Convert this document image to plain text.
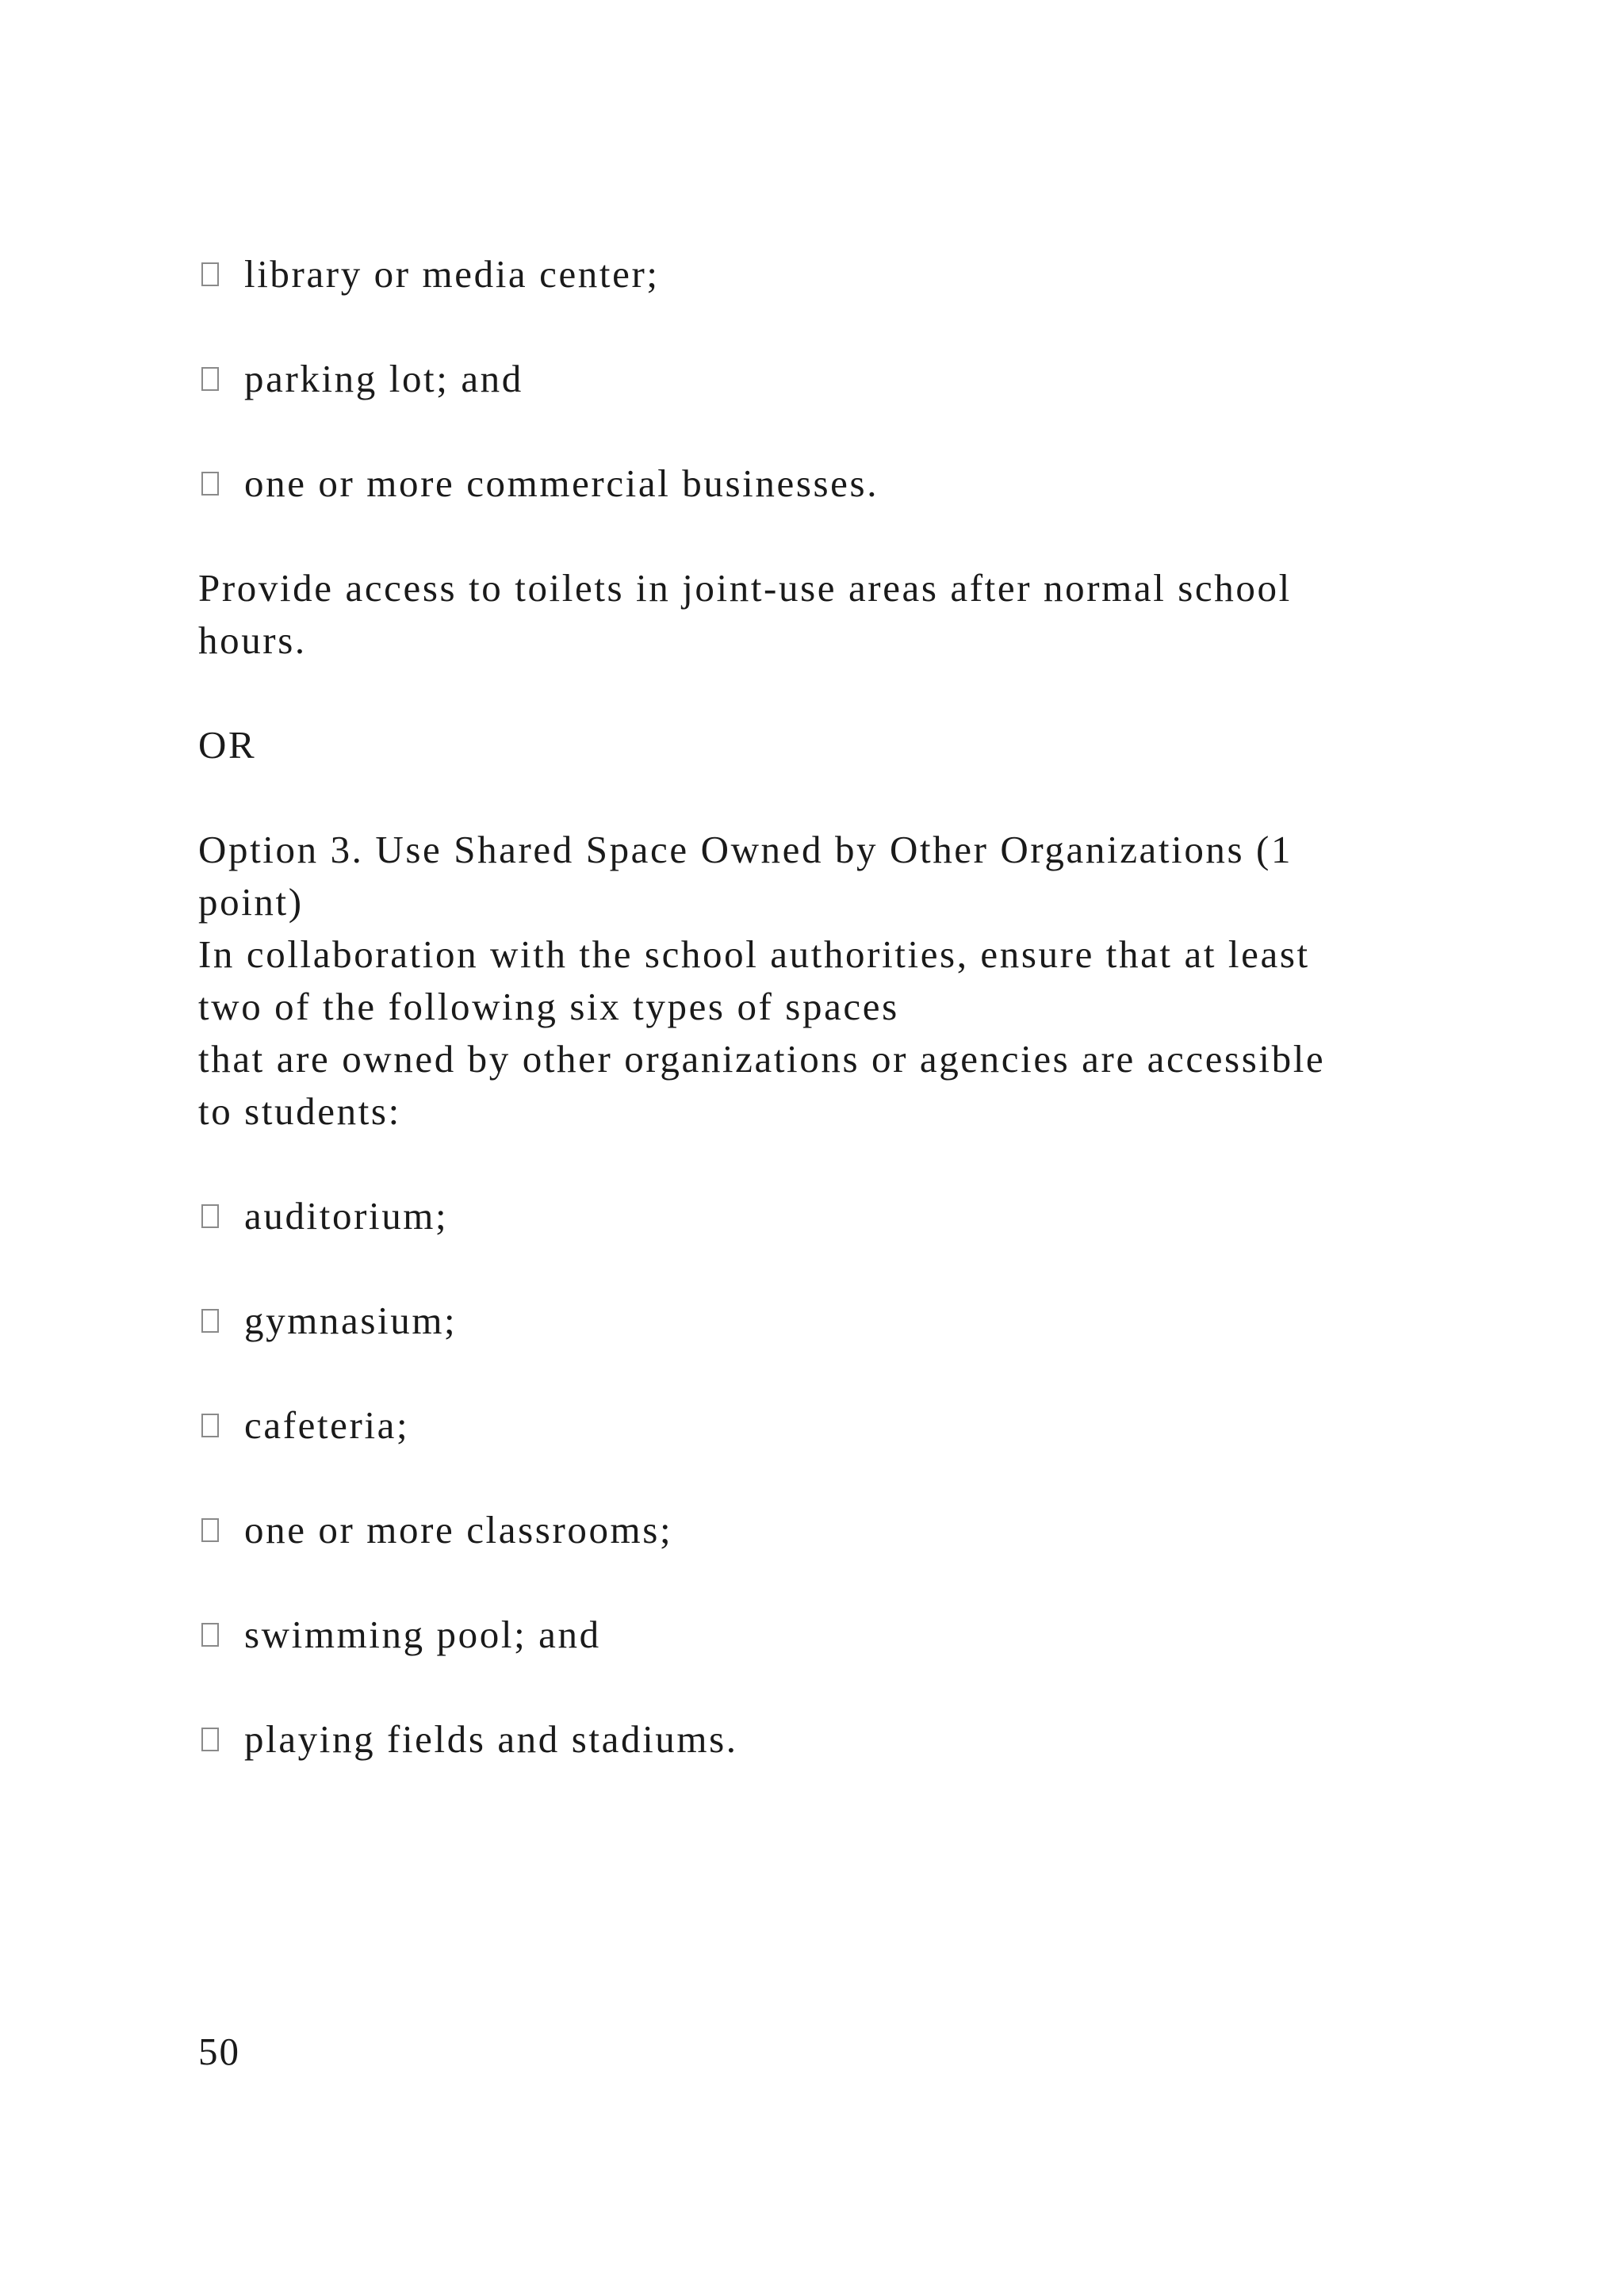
library or media center;
parking lot; and
one or more commercial businesses.
Provide access to toilets in joint-use areas after normal school
hours.
OR
Option 3. Use Shared Space Owned by Other Organizations (1
point)
In collaboration with the school authorities, ensure that at least
two of the following six types of spaces
that are owned by other organizations or agencies are accessible
to students:
auditorium;
gymnasium;
cafeteria;
one or more classrooms;
swimming pool; and
playing fields and stadiums.
50
